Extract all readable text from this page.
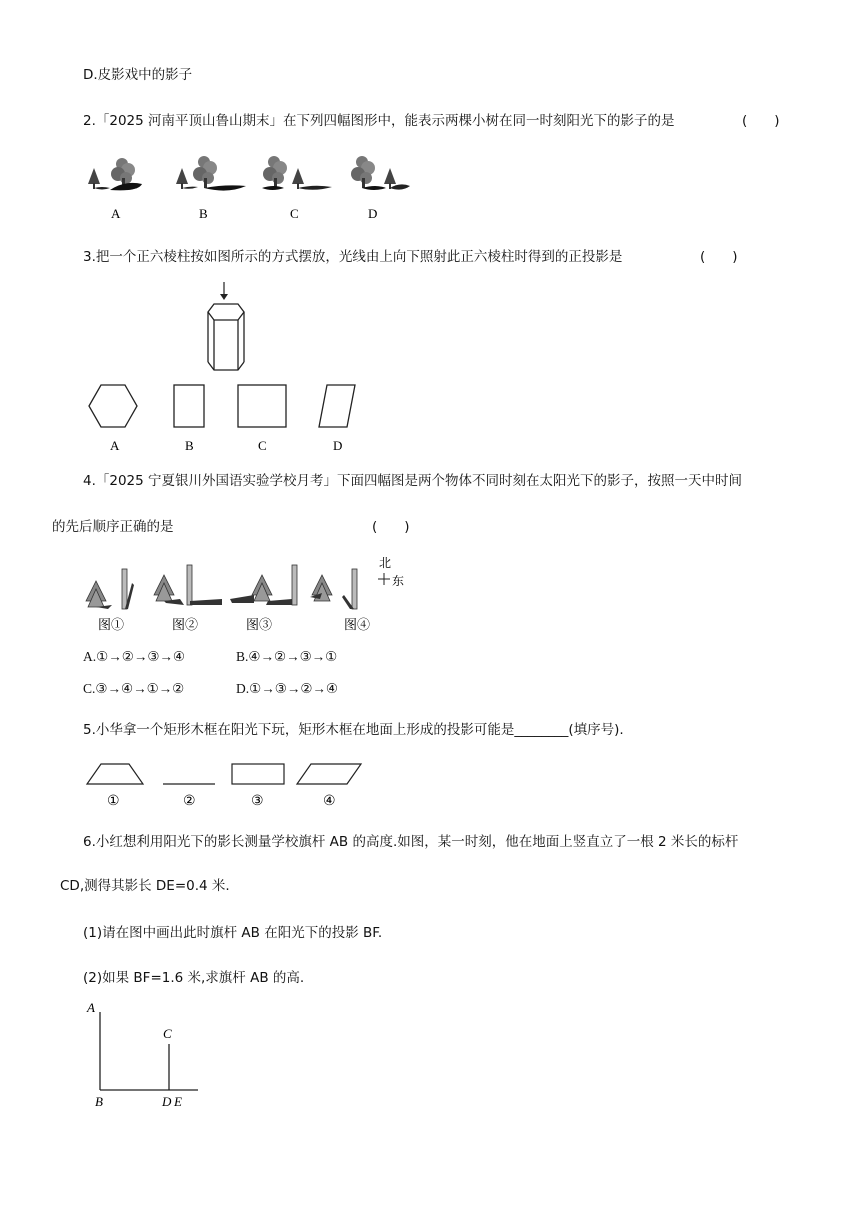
D.皮影戏中的影子
2.「2025 河南平顶山鲁山期末」在下列四幅图形中，能表示两棵小树在同一时刻阳光下的影子的是	(　　)
A	B	C	D
3.把一个正六棱柱按如图所示的方式摆放，光线由上向下照射此正六棱柱时得到的正投影是	(　　)
A	B	C	D
4.「2025 宁夏银川外国语实验学校月考」下面四幅图是两个物体不同时刻在太阳光下的影子，按照一天中时间
的先后顺序正确的是	(　　)
图①	图②	图③	图④
北
东
A.①→②→③→④	B.④→②→③→①
C.③→④→①→②	D.①→③→②→④
5.小华拿一个矩形木框在阳光下玩，矩形木框在地面上形成的投影可能是________(填序号).
①	②	③	④
6.小红想利用阳光下的影长测量学校旗杆 AB 的高度.如图，某一时刻，他在地面上竖直立了一根 2 米长的标杆
CD,测得其影长 DE=0.4 米.
(1)请在图中画出此时旗杆 AB 在阳光下的投影 BF.
(2)如果 BF=1.6 米,求旗杆 AB 的高.
A
C
B	D E
